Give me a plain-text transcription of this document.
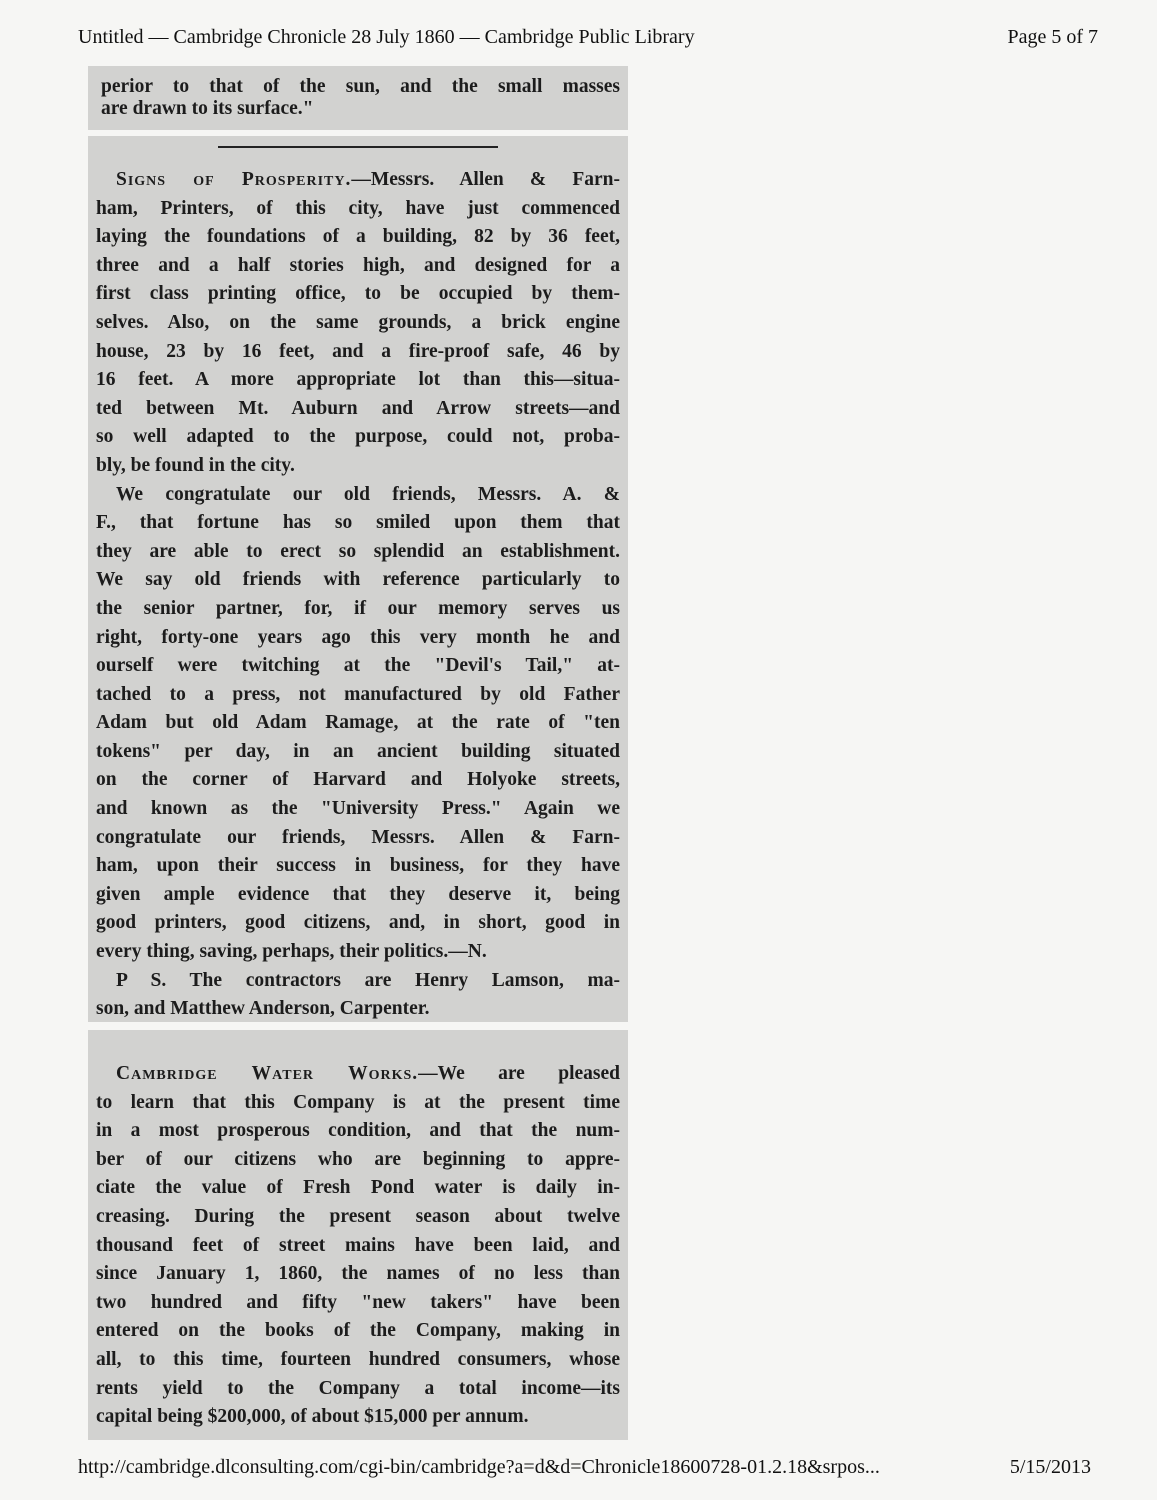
Untitled — Cambridge Chronicle 28 July 1860 — Cambridge Public Library	Page 5 of 7

perior to that of the sun, and the small masses

are drawn to its surface."

Signs of Prosperity.—Messrs. Allen & Farn-
ham, Printers, of this city, have just commenced
laying the foundations of a building, 82 by 36 feet,
three and a half stories high, and designed for a
first class printing office, to be occupied by them-
selves. Also, on the same grounds, a brick engine
house, 23 by 16 feet, and a fire-proof safe, 46 by
16 feet. A more appropriate lot than this—situa-
ted between Mt. Auburn and Arrow streets—and
so well adapted to the purpose, could not, proba-
bly, be found in the city.
We congratulate our old friends, Messrs. A. &
F., that fortune has so smiled upon them that
they are able to erect so splendid an establishment.
We say old friends with reference particularly to
the senior partner, for, if our memory serves us
right, forty-one years ago this very month he and
ourself were twitching at the "Devil's Tail," at-
tached to a press, not manufactured by old Father
Adam but old Adam Ramage, at the rate of "ten
tokens" per day, in an ancient building situated
on the corner of Harvard and Holyoke streets,
and known as the "University Press." Again we
congratulate our friends, Messrs. Allen & Farn-
ham, upon their success in business, for they have
given ample evidence that they deserve it, being
good printers, good citizens, and, in short, good in
every thing, saving, perhaps, their politics.—N.
P S. The contractors are Henry Lamson, ma-
son, and Matthew Anderson, Carpenter.
Cambridge Water Works.—We are pleased
to learn that this Company is at the present time
in a most prosperous condition, and that the num-
ber of our citizens who are beginning to appre-
ciate the value of Fresh Pond water is daily in-
creasing. During the present season about twelve
thousand feet of street mains have been laid, and
since January 1, 1860, the names of no less than
two hundred and fifty "new takers" have been
entered on the books of the Company, making in
all, to this time, fourteen hundred consumers, whose
rents yield to the Company a total income—its
capital being $200,000, of about $15,000 per annum.
http://cambridge.dlconsulting.com/cgi-bin/cambridge?a=d&d=Chronicle18600728-01.2.18&srpos...	5/15/2013
